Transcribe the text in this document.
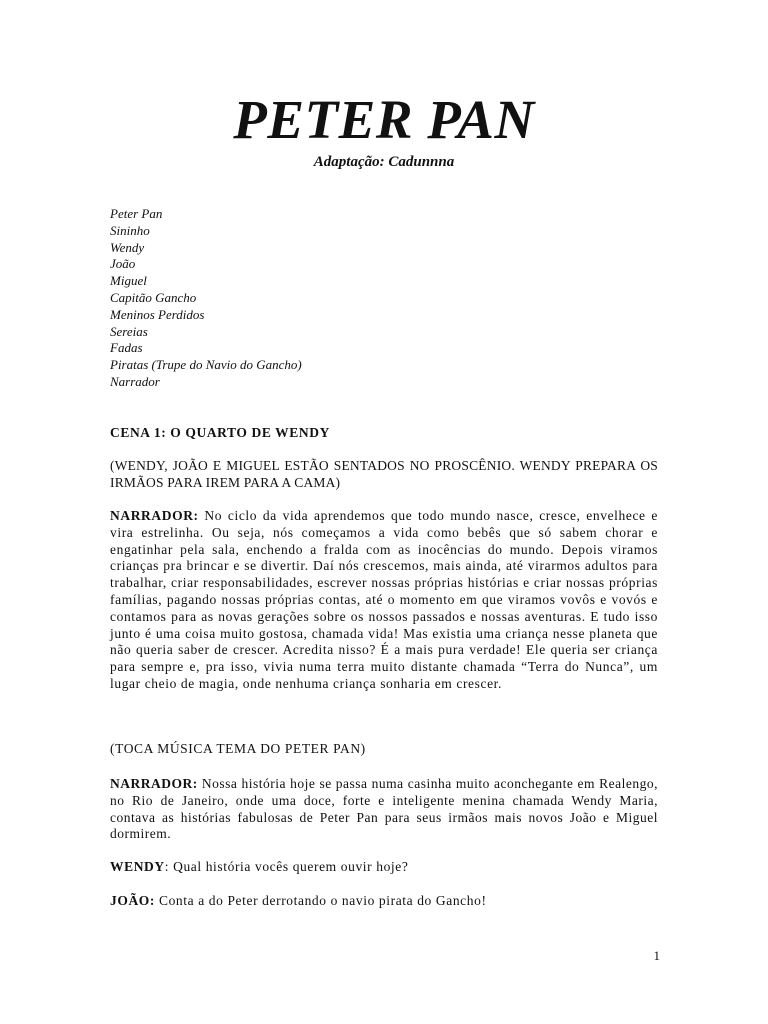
PETER PAN

Adaptação: Cadunnna

Peter Pan
Sininho
Wendy
João
Miguel
Capitão Gancho
Meninos Perdidos
Sereias
Fadas
Piratas (Trupe do Navio do Gancho)
Narrador

CENA 1: O QUARTO DE WENDY

(WENDY, JOÃO E MIGUEL ESTÃO SENTADOS NO PROSCÊNIO. WENDY PREPARA OS IRMÃOS PARA IREM PARA A CAMA)

NARRADOR: No ciclo da vida aprendemos que todo mundo nasce, cresce, envelhece e vira estrelinha. Ou seja, nós começamos a vida como bebês que só sabem chorar e engatinhar pela sala, enchendo a fralda com as inocências do mundo. Depois viramos crianças pra brincar e se divertir. Daí nós crescemos, mais ainda, até virarmos adultos para trabalhar, criar responsabilidades, escrever nossas próprias histórias e criar nossas próprias famílias, pagando nossas próprias contas, até o momento em que viramos vovôs e vovós e contamos para as novas gerações sobre os nossos passados e nossas aventuras. E tudo isso junto é uma coisa muito gostosa, chamada vida! Mas existia uma criança nesse planeta que não queria saber de crescer. Acredita nisso? É a mais pura verdade! Ele queria ser criança para sempre e, pra isso, vivia numa terra muito distante chamada “Terra do Nunca”, um lugar cheio de magia, onde nenhuma criança sonharia em crescer.

(TOCA MÚSICA TEMA DO PETER PAN)

NARRADOR: Nossa história hoje se passa numa casinha muito aconchegante em Realengo, no Rio de Janeiro, onde uma doce, forte e inteligente menina chamada Wendy Maria, contava as histórias fabulosas de Peter Pan para seus irmãos mais novos João e Miguel dormirem.

WENDY: Qual história vocês querem ouvir hoje?

JOÃO: Conta a do Peter derrotando o navio pirata do Gancho!

1
